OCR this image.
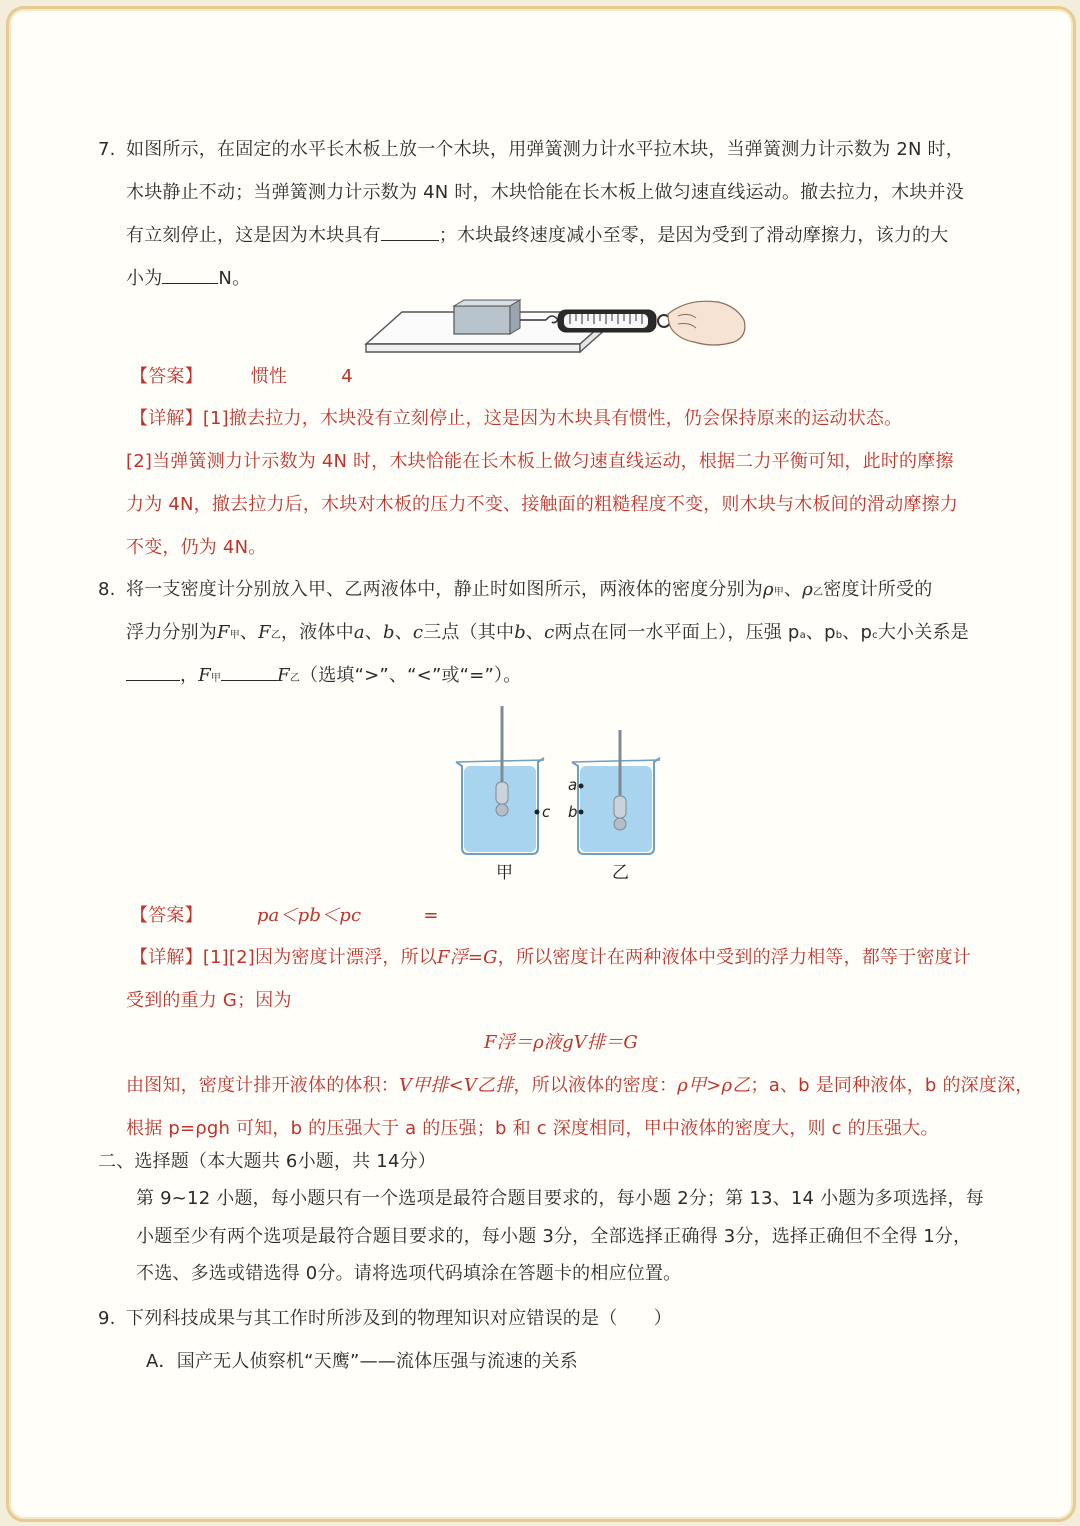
7. 如图所示，在固定的水平长木板上放一个木块，用弹簧测力计水平拉木块，当弹簧测力计示数为 2N 时，
木块静止不动；当弹簧测力计示数为 4N 时，木块恰能在长木板上做匀速直线运动。撤去拉力，木块并没
有立刻停止，这是因为木块具有	；木块最终速度减小至零，是因为受到了滑动摩擦力，该力的大
小为	N。
【答案】	惯性	4
【详解】[1]撤去拉力，木块没有立刻停止，这是因为木块具有惯性，仍会保持原来的运动状态。
[2]当弹簧测力计示数为 4N 时，木块恰能在长木板上做匀速直线运动，根据二力平衡可知，此时的摩擦
力为 4N，撤去拉力后，木块对木板的压力不变、接触面的粗糙程度不变，则木块与木板间的滑动摩擦力
不变，仍为 4N。
8. 将一支密度计分别放入甲、乙两液体中，静止时如图所示，两液体的密度分别为ρ甲、ρ乙密度计所受的
浮力分别为F甲、F乙，液体中a、b、c三点（其中b、c两点在同一水平面上），压强 pa、pb、pc大小关系是
，F甲	F乙（选填“>”、“<”或“=”）。
c
甲
a
b
乙
【答案】	pa＜pb＜pc	=
【详解】[1][2]因为密度计漂浮，所以F浮=G，所以密度计在两种液体中受到的浮力相等，都等于密度计
受到的重力 G；因为
F浮＝ρ液gV排＝G
由图知，密度计排开液体的体积：V甲排<V乙排，所以液体的密度：ρ甲>ρ乙；a、b 是同种液体，b 的深度深，
根据 p=ρgh 可知，b 的压强大于 a 的压强；b 和 c 深度相同，甲中液体的密度大，则 c 的压强大。
二、选择题（本大题共 6小题，共 14分）
第 9~12 小题，每小题只有一个选项是最符合题目要求的，每小题 2分；第 13、14 小题为多项选择，每
小题至少有两个选项是最符合题目要求的，每小题 3分，全部选择正确得 3分，选择正确但不全得 1分，
不选、多选或错选得 0分。请将选项代码填涂在答题卡的相应位置。
9. 下列科技成果与其工作时所涉及到的物理知识对应错误的是（　　）
A．国产无人侦察机“天鹰”——流体压强与流速的关系
